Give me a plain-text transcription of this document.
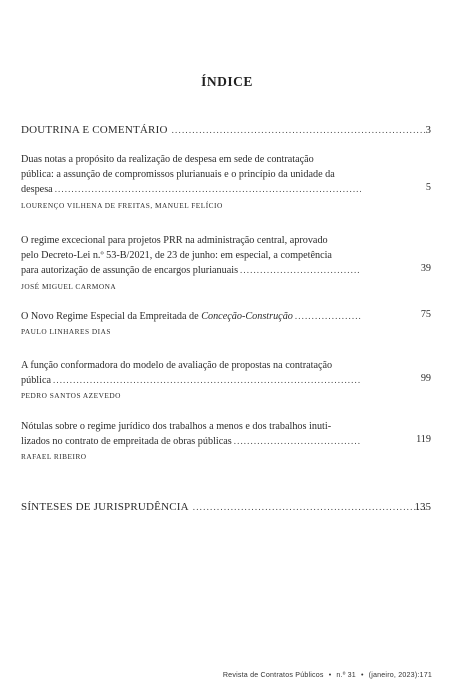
ÍNDICE
DOUTRINA E COMENTÁRIO .....	3
Duas notas a propósito da realização de despesa em sede de contratação
pública: a assunção de compromissos plurianuais e o princípio da unidade da
despesa
.....
LOURENÇO VILHENA DE FREITAS, MANUEL FELÍCIO
5
O regime excecional para projetos PRR na administração central, aprovado
pelo Decreto-Lei n.º 53-B/2021, de 23 de junho: em especial, a competência
para autorização de assunção de encargos plurianuais
.....
JOSÉ MIGUEL CARMONA
39
O Novo Regime Especial da Empreitada de
Conceção-Construção
.....
PAULO LINHARES DIAS
75
A função conformadora do modelo de avaliação de propostas na contratação
pública
.....
PEDRO SANTOS AZEVEDO
99
Nótulas sobre o regime jurídico dos trabalhos a menos e dos trabalhos inuti-
lizados no contrato de empreitada de obras públicas
.....
RAFAEL RIBEIRO
119
SÍNTESES DE JURISPRUDÊNCIA .....	135
Revista de Contratos Públicos • n.º 31 • (janeiro, 2023):171
